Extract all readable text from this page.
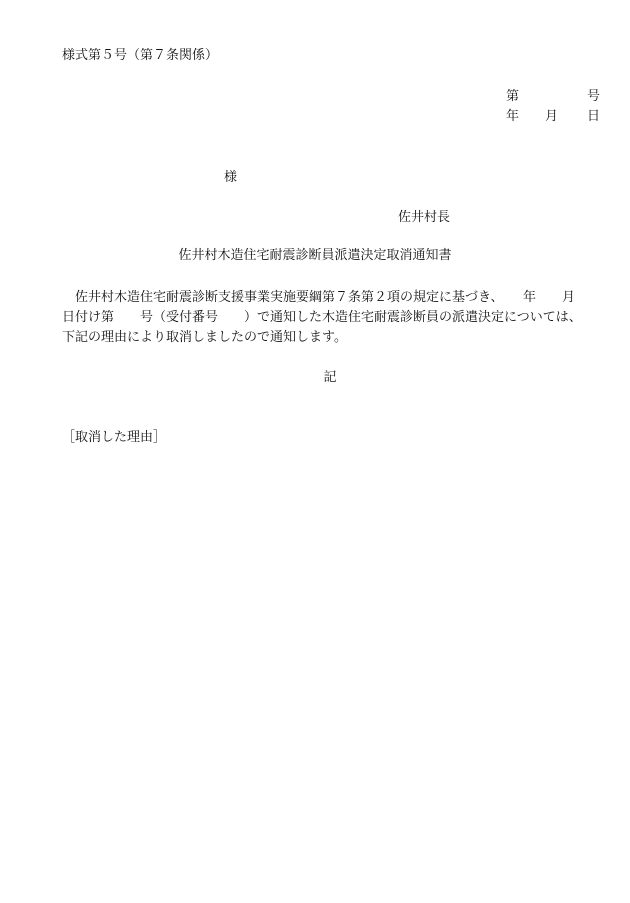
様式第５号（第７条関係）
第	号
年 月 日
様
佐井村長
佐井村木造住宅耐震診断員派遣決定取消通知書
　佐井村木造住宅耐震診断支援事業実施要綱第７条第２項の規定に基づき、　　年　　月
日付け第　　号（受付番号　　）で通知した木造住宅耐震診断員の派遣決定については、
下記の理由により取消しましたので通知します。
記
［取消した理由］
